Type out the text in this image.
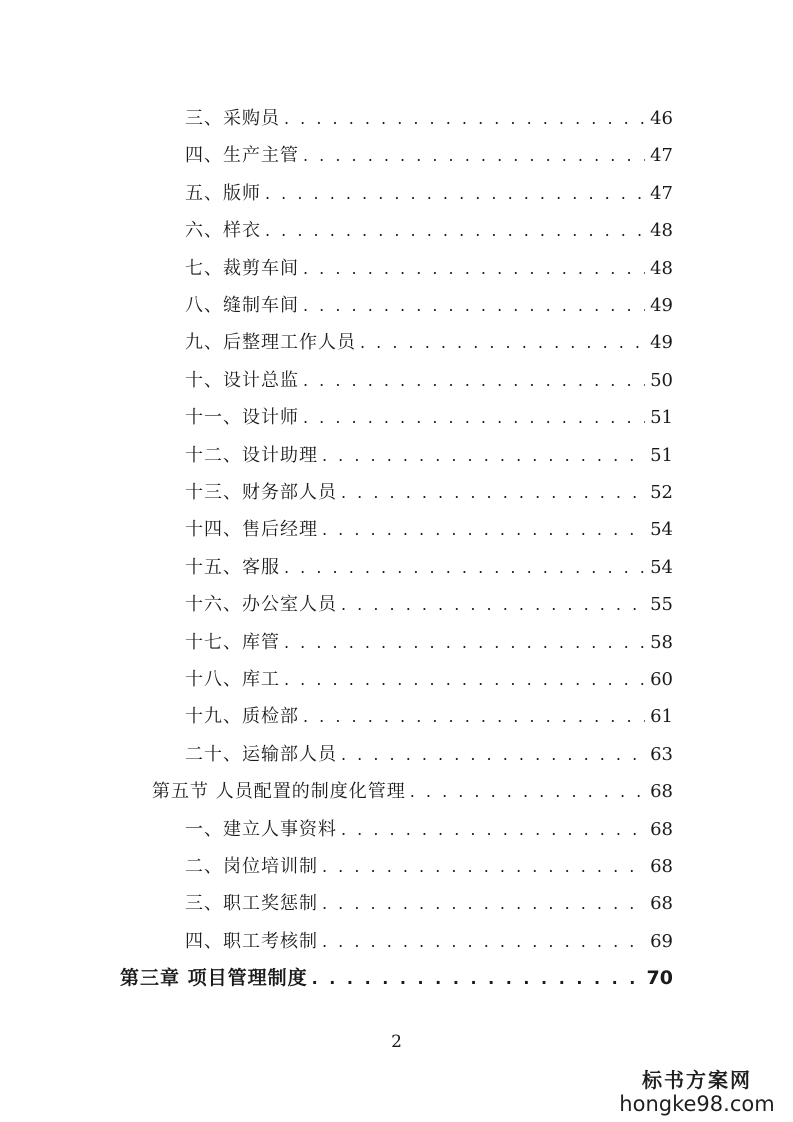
三、采购员 . . .	46
四、生产主管 . . .	47
五、版师 . . .	47
六、样衣 . . .	48
七、裁剪车间 . . .	48
八、缝制车间 . . .	49
九、后整理工作人员 . . .	49
十、设计总监 . . .	50
十一、设计师 . . .	51
十二、设计助理 . . .	51
十三、财务部人员 . . .	52
十四、售后经理 . . .	54
十五、客服 . . .	54
十六、办公室人员 . . .	55
十七、库管 . . .	58
十八、库工 . . .	60
十九、质检部 . . .	61
二十、运输部人员 . . .	63
第五节 人员配置的制度化管理 . . .	68
一、建立人事资料 . . .	68
二、岗位培训制 . . .	68
三、职工奖惩制 . . .	68
四、职工考核制 . . .	69
第三章 项目管理制度 . . .	70
2
标书方案网
hongke98.com
